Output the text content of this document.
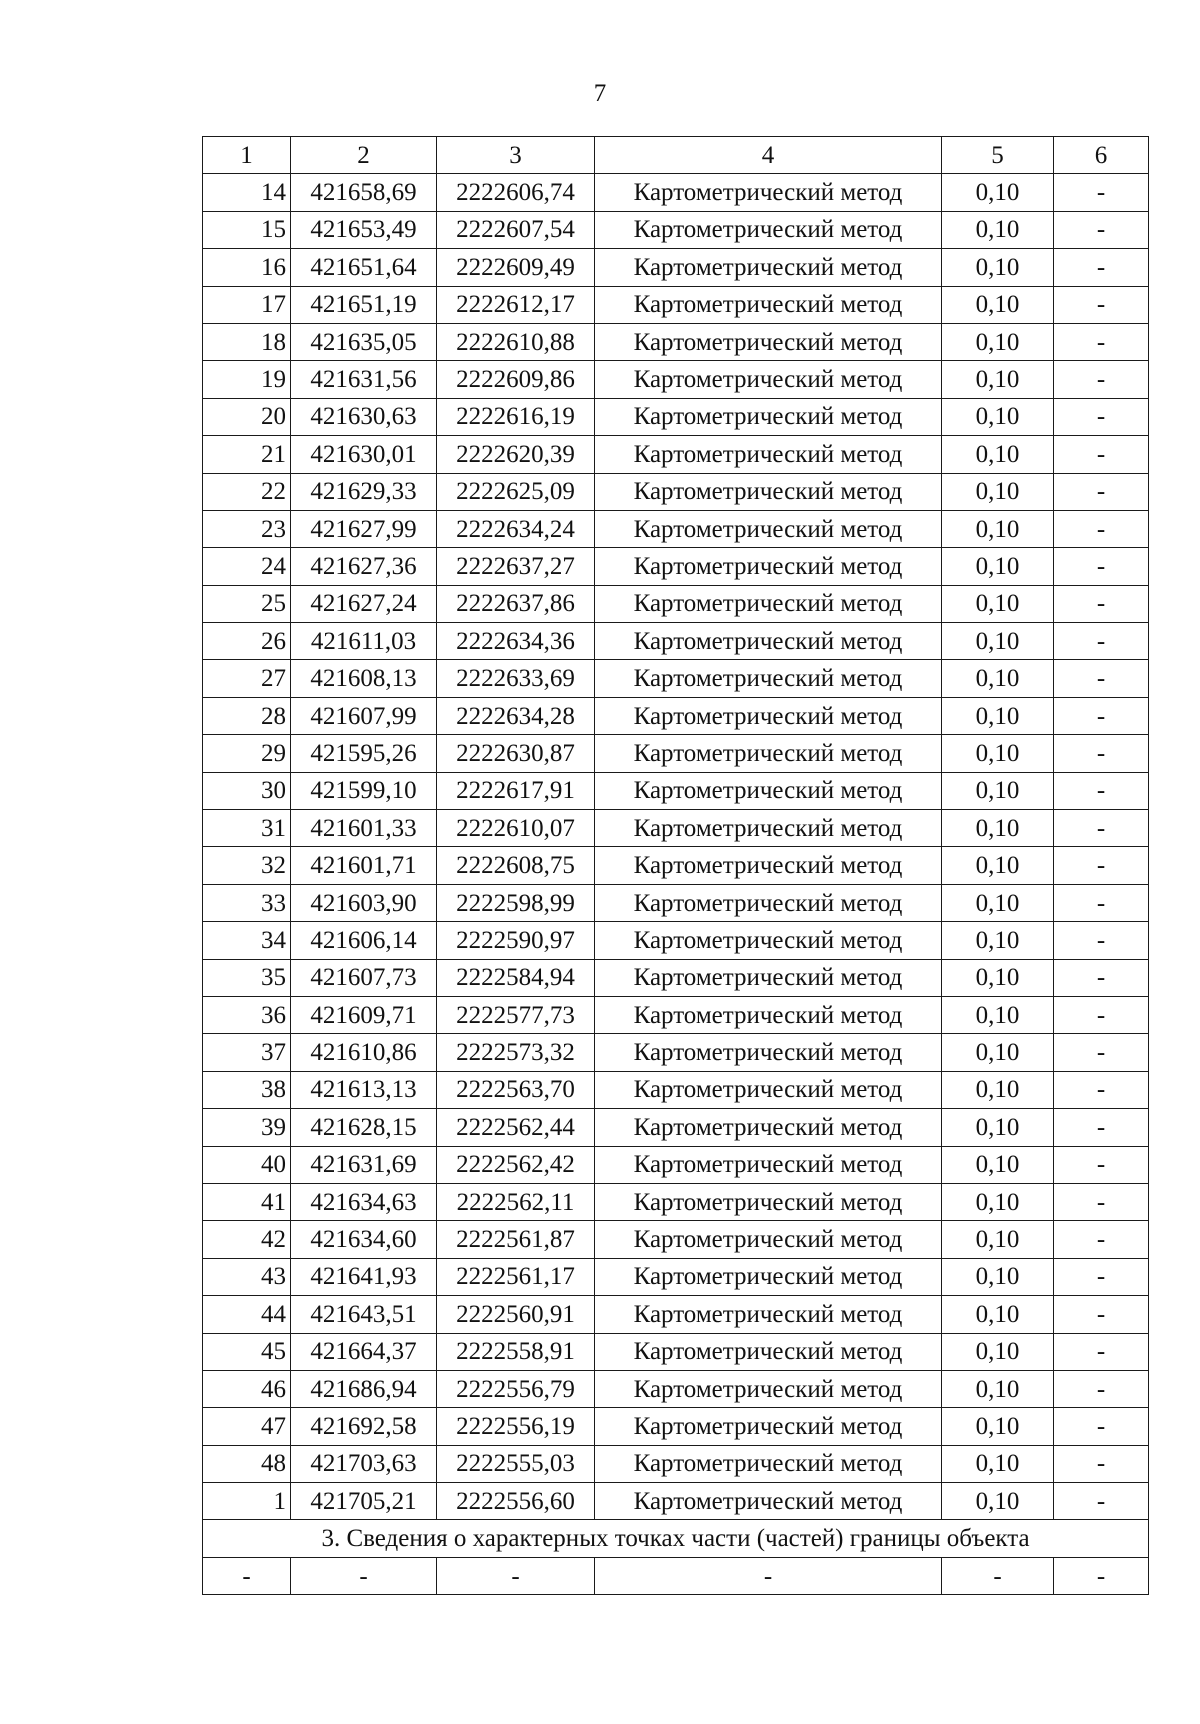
7
1	2	3	4	5	6
14	421658,69	2222606,74	Картометрический метод	0,10	-
15	421653,49	2222607,54	Картометрический метод	0,10	-
16	421651,64	2222609,49	Картометрический метод	0,10	-
17	421651,19	2222612,17	Картометрический метод	0,10	-
18	421635,05	2222610,88	Картометрический метод	0,10	-
19	421631,56	2222609,86	Картометрический метод	0,10	-
20	421630,63	2222616,19	Картометрический метод	0,10	-
21	421630,01	2222620,39	Картометрический метод	0,10	-
22	421629,33	2222625,09	Картометрический метод	0,10	-
23	421627,99	2222634,24	Картометрический метод	0,10	-
24	421627,36	2222637,27	Картометрический метод	0,10	-
25	421627,24	2222637,86	Картометрический метод	0,10	-
26	421611,03	2222634,36	Картометрический метод	0,10	-
27	421608,13	2222633,69	Картометрический метод	0,10	-
28	421607,99	2222634,28	Картометрический метод	0,10	-
29	421595,26	2222630,87	Картометрический метод	0,10	-
30	421599,10	2222617,91	Картометрический метод	0,10	-
31	421601,33	2222610,07	Картометрический метод	0,10	-
32	421601,71	2222608,75	Картометрический метод	0,10	-
33	421603,90	2222598,99	Картометрический метод	0,10	-
34	421606,14	2222590,97	Картометрический метод	0,10	-
35	421607,73	2222584,94	Картометрический метод	0,10	-
36	421609,71	2222577,73	Картометрический метод	0,10	-
37	421610,86	2222573,32	Картометрический метод	0,10	-
38	421613,13	2222563,70	Картометрический метод	0,10	-
39	421628,15	2222562,44	Картометрический метод	0,10	-
40	421631,69	2222562,42	Картометрический метод	0,10	-
41	421634,63	2222562,11	Картометрический метод	0,10	-
42	421634,60	2222561,87	Картометрический метод	0,10	-
43	421641,93	2222561,17	Картометрический метод	0,10	-
44	421643,51	2222560,91	Картометрический метод	0,10	-
45	421664,37	2222558,91	Картометрический метод	0,10	-
46	421686,94	2222556,79	Картометрический метод	0,10	-
47	421692,58	2222556,19	Картометрический метод	0,10	-
48	421703,63	2222555,03	Картометрический метод	0,10	-
1	421705,21	2222556,60	Картометрический метод	0,10	-
3. Сведения о характерных точках части (частей) границы объекта					
-	-	-	-	-	-
